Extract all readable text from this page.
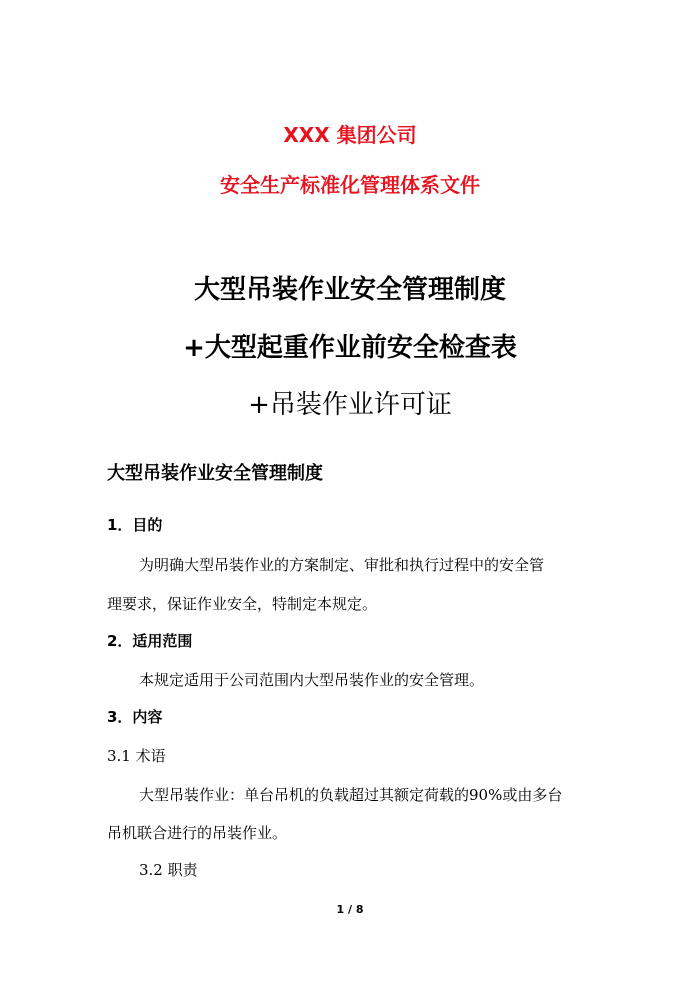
XXX 集团公司
安全生产标准化管理体系文件
大型吊装作业安全管理制度
+大型起重作业前安全检查表
+吊装作业许可证
大型吊装作业安全管理制度
1．目的
为明确大型吊装作业的方案制定、审批和执行过程中的安全管
理要求，保证作业安全，特制定本规定。
2．适用范围
本规定适用于公司范围内大型吊装作业的安全管理。
3．内容
3.1 术语
大型吊装作业：单台吊机的负载超过其额定荷载的90%或由多台
吊机联合进行的吊装作业。
3.2 职责
1 / 8
